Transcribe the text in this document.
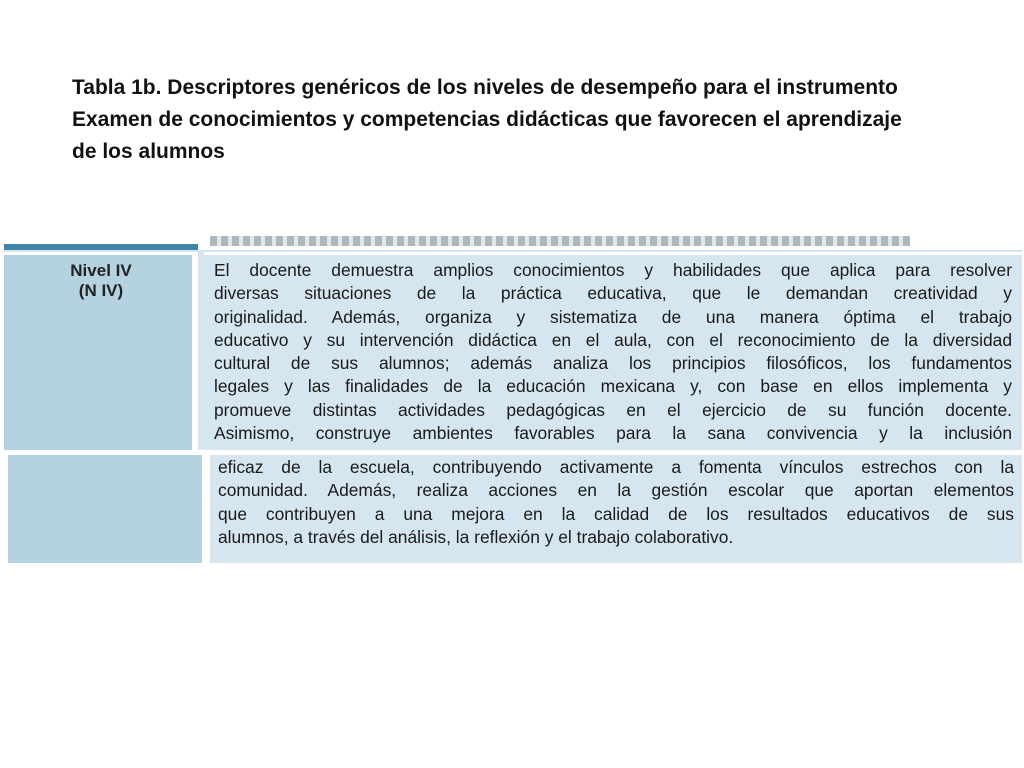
Tabla 1b. Descriptores genéricos de los niveles de desempeño para el instrumento Examen de conocimientos y competencias didácticas que favorecen el aprendizaje de los alumnos
Nivel IV
(N IV)

El docente demuestra amplios conocimientos y habilidades que aplica para resolver
diversas situaciones de la práctica educativa, que le demandan creatividad y
originalidad. Además, organiza y sistematiza de una manera óptima el trabajo
educativo y su intervención didáctica en el aula, con el reconocimiento de la diversidad
cultural de sus alumnos; además analiza los principios filosóficos, los fundamentos
legales y las finalidades de la educación mexicana y, con base en ellos implementa y
promueve distintas actividades pedagógicas en el ejercicio de su función docente.
Asimismo, construye ambientes favorables para la sana convivencia y la inclusión

eficaz de la escuela, contribuyendo activamente a fomenta vínculos estrechos con la
comunidad. Además, realiza acciones en la gestión escolar que aportan elementos
que contribuyen a una mejora en la calidad de los resultados educativos de sus
alumnos, a través del análisis, la reflexión y el trabajo colaborativo.
